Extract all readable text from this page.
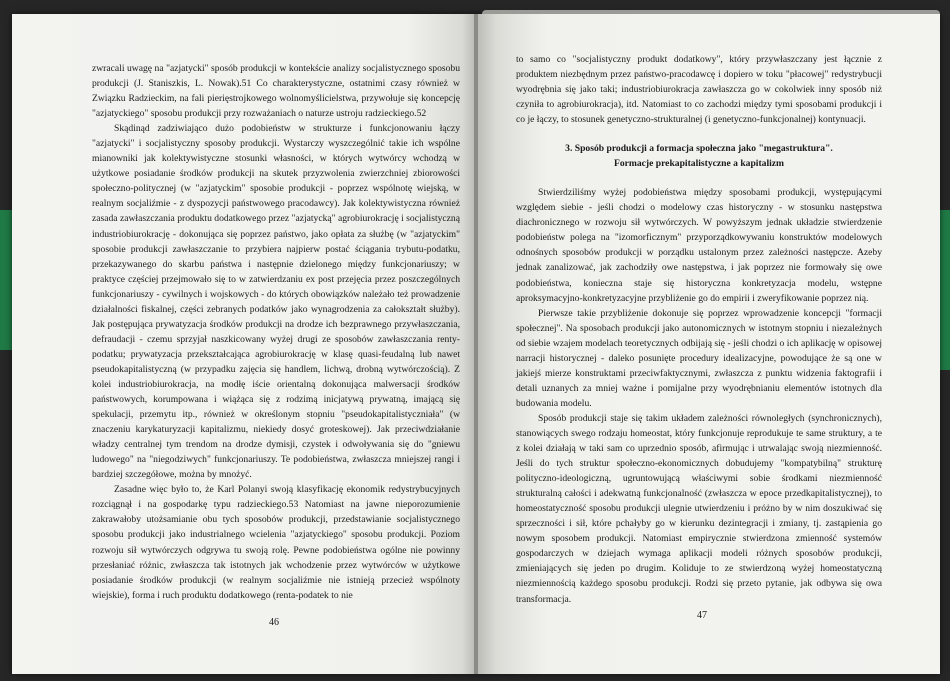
zwracali uwagę na "azjatycki" sposób produkcji w kontekście analizy socjalistycznego sposobu produkcji (J. Staniszkis, L. Nowak).51 Co charakterystyczne, ostatnimi czasy również w Związku Radzieckim, na fali pierięstrojkowego wolnomyślicielstwa, przywołuje się koncepcję "azjatyckiego" sposobu produkcji przy rozważaniach o naturze ustroju radzieckiego.52

Skądinąd zadziwiająco dużo podobieństw w strukturze i funkcjonowaniu łączy "azjatycki" i socjalistyczny sposoby produkcji. Wystarczy wyszczególnić takie ich wspólne mianowniki jak kolektywistyczne stosunki własności, w których wytwórcy wchodzą w użytkowe posiadanie środków produkcji na skutek przyzwolenia zwierzchniej zbiorowości społeczno-politycznej (w "azjatyckim" sposobie produkcji - poprzez wspólnotę wiejską, w realnym socjaliźmie - z dyspozycji państwowego pracodawcy). Jak kolektywistyczna również zasada zawłaszczania produktu dodatkowego przez "azjatycką" agrobiurokrację i socjalistyczną industriobiurokrację - dokonująca się poprzez państwo, jako opłata za służbę (w "azjatyckim" sposobie produkcji zawłaszczanie to przybiera najpierw postać ściągania trybutu-podatku, przekazywanego do skarbu państwa i następnie dzielonego między funkcjonariuszy; w praktyce częściej przejmowało się to w zatwierdzaniu ex post przejęcia przez poszczególnych funkcjonariuszy - cywilnych i wojskowych - do których obowiązków należało też prowadzenie działalności fiskalnej, części zebranych podatków jako wynagrodzenia za całokształt służby). Jak postępująca prywatyzacja środków produkcji na drodze ich bezprawnego przywłaszczania, defraudacji - czemu sprzyjał naszkicowany wyżej drugi ze sposobów zawłaszczania renty-podatku; prywatyzacja przekształcająca agrobiurokrację w klasę quasi-feudalną lub nawet pseudokapitalistyczną (w przypadku zajęcia się handlem, lichwą, drobną wytwórczością). Z kolei industriobiurokracja, na modłę iście orientalną dokonująca malwersacji środków państwowych, korumpowana i wiążąca się z rodzimą inicjatywą prywatną, imającą się spekulacji, przemytu itp., również w określonym stopniu "pseudokapitalistyczniała" (w znaczeniu karykaturyzacji kapitalizmu, niekiedy dosyć groteskowej). Jak przeciwdziałanie władzy centralnej tym trendom na drodze dymisji, czystek i odwoływania się do "gniewu ludowego" na "niegodziwych" funkcjonariuszy. Te podobieństwa, zwłaszcza mniejszej rangi i bardziej szczegółowe, można by mnożyć.

Zasadne więc było to, że Karl Polanyi swoją klasyfikację ekonomik redystrybucyjnych rozciągnął i na gospodarkę typu radzieckiego.53 Natomiast na jawne nieporozumienie zakrawałoby utożsamianie obu tych sposobów produkcji, przedstawianie socjalistycznego sposobu produkcji jako industrialnego wcielenia "azjatyckiego" sposobu produkcji. Poziom rozwoju sił wytwórczych odgrywa tu swoją rolę. Pewne podobieństwa ogólne nie powinny przesłaniać różnic, zwłaszcza tak istotnych jak wchodzenie przez wytwórców w użytkowe posiadanie środków produkcji (w realnym socjaliźmie nie istnieją przecież wspólnoty wiejskie), forma i ruch produktu dodatkowego (renta-podatek to nie

46

to samo co "socjalistyczny produkt dodatkowy", który przywłaszczany jest łącznie z produktem niezbędnym przez państwo-pracodawcę i dopiero w toku "płacowej" redystrybucji wyodrębnia się jako taki; industriobiurokracja zawłaszcza go w cokolwiek inny sposób niż czyniła to agrobiurokracja), itd. Natomiast to co zachodzi między tymi sposobami produkcji i co je łączy, to stosunek genetyczno-strukturalnej (i genetyczno-funkcjonalnej) kontynuacji.

3. Sposób produkcji a formacja społeczna jako "megastruktura".
Formacje prekapitalistyczne a kapitalizm

Stwierdziliśmy wyżej podobieństwa między sposobami produkcji, występującymi względem siebie - jeśli chodzi o modelowy czas historyczny - w stosunku następstwa diachronicznego w rozwoju sił wytwórczych. W powyższym jednak układzie stwierdzenie podobieństw polega na "izomorficznym" przyporządkowywaniu konstruktów modelowych odnośnych sposobów produkcji w porządku ustalonym przez zależności następcze. Azeby jednak zanalizować, jak zachodziły owe następstwa, i jak poprzez nie formowały się owe podobieństwa, konieczna staje się historyczna konkretyzacja modelu, wstępne aproksymacyjno-konkretyzacyjne przybliżenie go do empirii i zweryfikowanie poprzez nią.

Pierwsze takie przybliżenie dokonuje się poprzez wprowadzenie koncepcji "formacji społecznej". Na sposobach produkcji jako autonomicznych w istotnym stopniu i niezależnych od siebie wzajem modelach teoretycznych odbijają się - jeśli chodzi o ich aplikację w opisowej narracji historycznej - daleko posunięte procedury idealizacyjne, powodujące że są one w jakiejś mierze konstruktami przeciwfaktycznymi, zwłaszcza z punktu widzenia faktografii i detali uznanych za mniej ważne i pomijalne przy wyodrębnianiu elementów istotnych dla budowania modelu.

Sposób produkcji staje się takim układem zależności równoległych (synchronicznych), stanowiących swego rodzaju homeostat, który funkcjonuje reprodukuje te same struktury, a te z kolei działają w taki sam co uprzednio sposób, afirmując i utrwalając swoją niezmienność. Jeśli do tych struktur społeczno-ekonomicznych dobudujemy "kompatybilną" strukturę polityczno-ideologiczną, ugruntowującą właściwymi sobie środkami niezmienność strukturalną całości i adekwatną funkcjonalność (zwłaszcza w epoce przedkapitalistycznej), to homeostatyczność sposobu produkcji ulegnie utwierdzeniu i próżno by w nim doszukiwać się sprzeczności i sił, które pchałyby go w kierunku dezintegracji i zmiany, tj. zastąpienia go nowym sposobem produkcji. Natomiast empirycznie stwierdzona zmienność systemów gospodarczych w dziejach wymaga aplikacji modeli różnych sposobów produkcji, zmieniających się jeden po drugim. Koliduje to ze stwierdzoną wyżej homeostatyczną niezmiennością każdego sposobu produkcji. Rodzi się przeto pytanie, jak odbywa się owa transformacja.

47
